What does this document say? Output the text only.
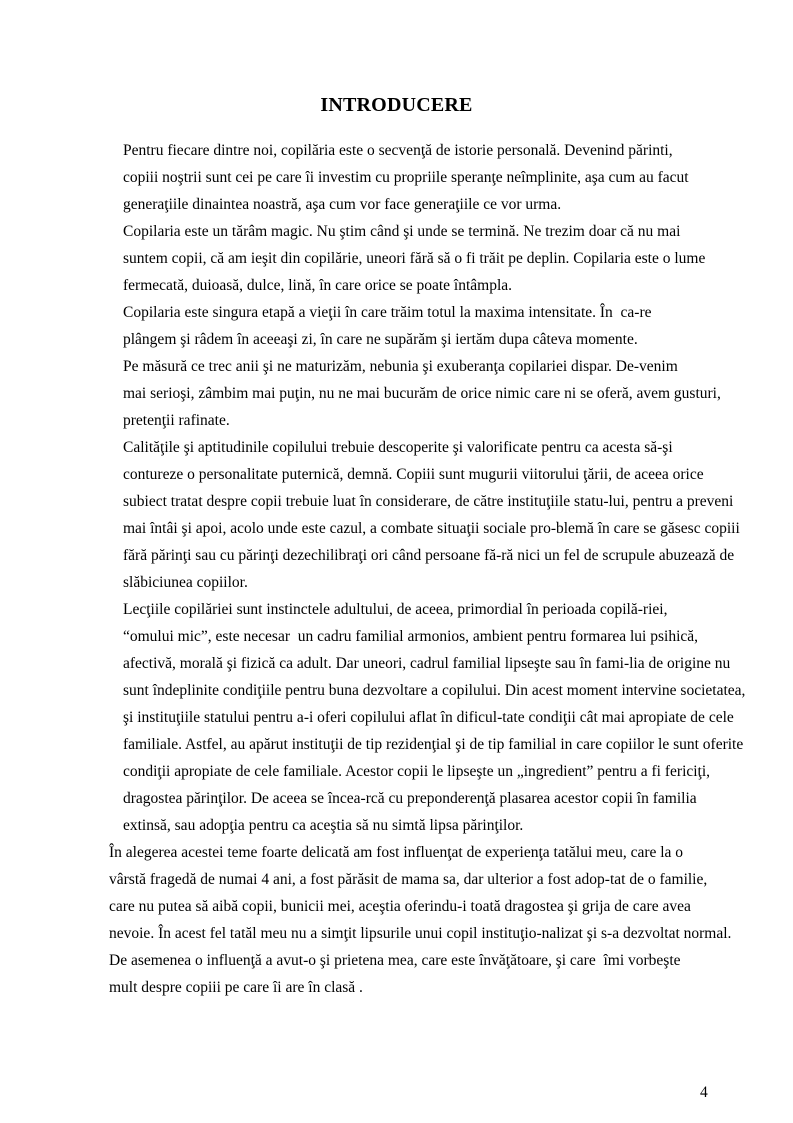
INTRODUCERE

Pentru fiecare dintre noi, copilăria este o secvenţă de istorie personală. Devenind părinti,
copiii noştrii sunt cei pe care îi investim cu propriile speranţe neîmplinite, aşa cum au facut
generaţiile dinaintea noastră, aşa cum vor face generaţiile ce vor urma.

Copilaria este un tărâm magic. Nu ştim când şi unde se termină. Ne trezim doar că nu mai
suntem copii, că am ieşit din copilărie, uneori fără să o fi trăit pe deplin. Copilaria este o lume
fermecată, duioasă, dulce, lină, în care orice se poate întâmpla.

Copilaria este singura etapă a vieţii în care trăim totul la maxima intensitate. În  ca-re
plângem şi râdem în aceeaşi zi, în care ne supărăm şi iertăm dupa câteva momente.

Pe măsură ce trec anii şi ne maturizăm, nebunia şi exuberanţa copilariei dispar. De-venim
mai serioşi, zâmbim mai puţin, nu ne mai bucurăm de orice nimic care ni se oferă, avem gusturi,
pretenţii rafinate.

Calităţile şi aptitudinile copilului trebuie descoperite şi valorificate pentru ca acesta să-şi
contureze o personalitate puternică, demnă. Copiii sunt mugurii viitorului ţării, de aceea orice
subiect tratat despre copii trebuie luat în considerare, de către instituţiile statu-lui, pentru a preveni
mai întâi şi apoi, acolo unde este cazul, a combate situaţii sociale pro-blemă în care se găsesc copiii
fără părinţi sau cu părinţi dezechilibraţi ori când persoane fă-ră nici un fel de scrupule abuzează de
slăbiciunea copiilor.

Lecţiile copilăriei sunt instinctele adultului, de aceea, primordial în perioada copilă-riei,
“omului mic”, este necesar  un cadru familial armonios, ambient pentru formarea lui psihică,
afectivă, morală şi fizică ca adult. Dar uneori, cadrul familial lipseşte sau în fami-lia de origine nu
sunt îndeplinite condiţiile pentru buna dezvoltare a copilului. Din acest moment intervine societatea,
şi instituţiile statului pentru a-i oferi copilului aflat în dificul-tate condiţii cât mai apropiate de cele
familiale. Astfel, au apărut instituţii de tip rezidenţial şi de tip familial in care copiilor le sunt oferite
condiţii apropiate de cele familiale. Acestor copii le lipseşte un „ingredient” pentru a fi fericiţi,
dragostea părinţilor. De aceea se încea-rcă cu preponderenţă plasarea acestor copii în familia
extinsă, sau adopţia pentru ca aceştia să nu simtă lipsa părinţilor.

În alegerea acestei teme foarte delicată am fost influenţat de experienţa tatălui meu, care la o
vârstă fragedă de numai 4 ani, a fost părăsit de mama sa, dar ulterior a fost adop-tat de o familie,
care nu putea să aibă copii, bunicii mei, aceştia oferindu-i toată dragostea şi grija de care avea
nevoie. În acest fel tatăl meu nu a simţit lipsurile unui copil instituţio-nalizat şi s-a dezvoltat normal.

De asemenea o influenţă a avut-o şi prietena mea, care este învăţătoare, şi care  îmi vorbeşte
mult despre copiii pe care îi are în clasă .

4
